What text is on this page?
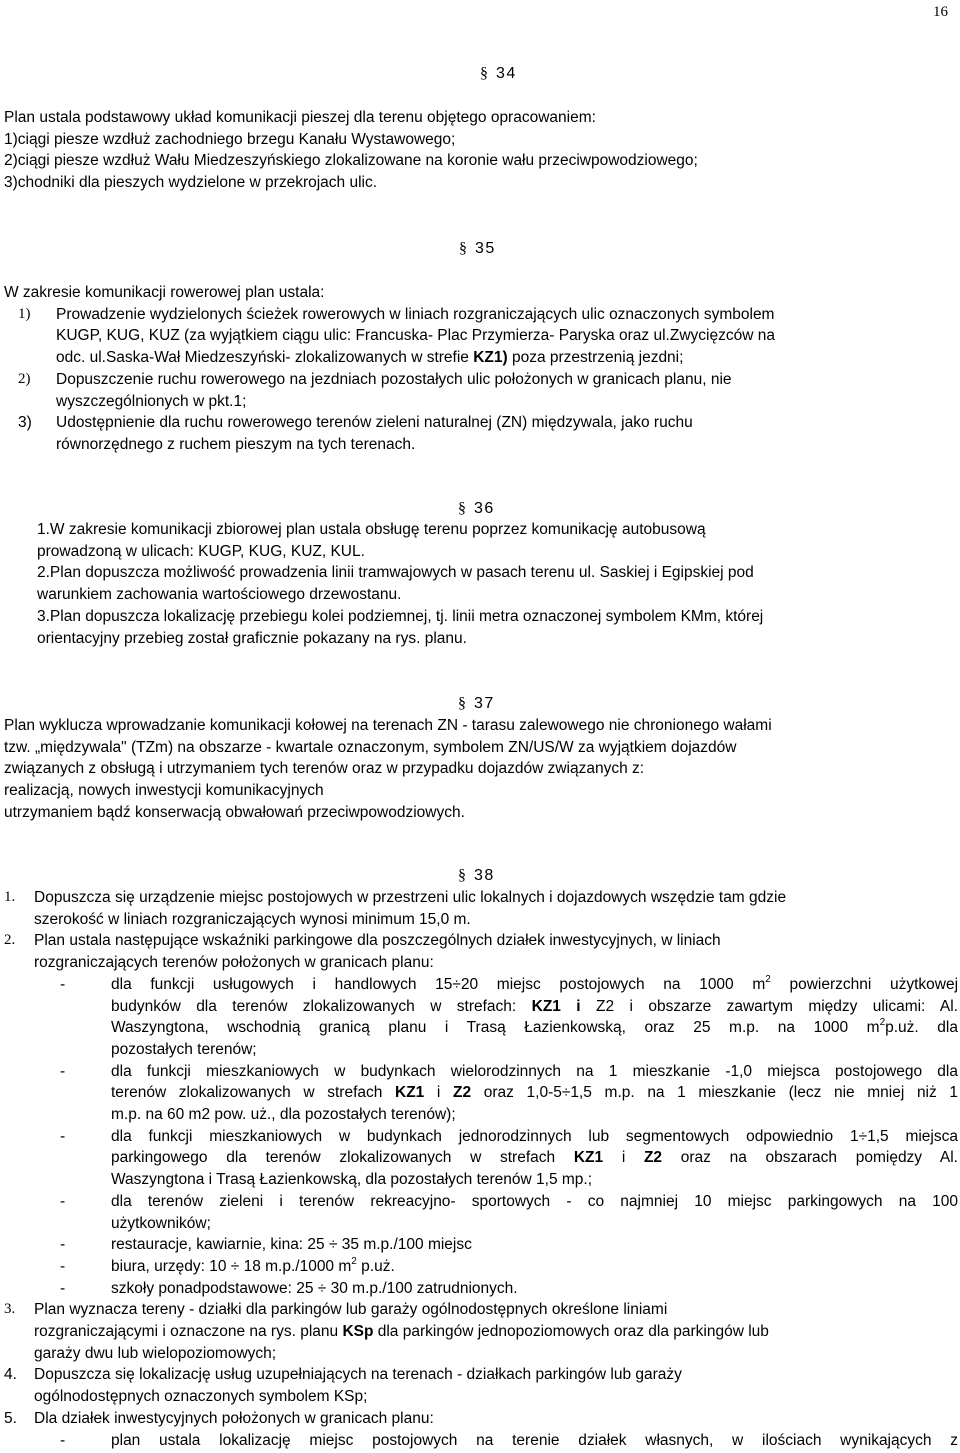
16
§ 34
Plan ustala podstawowy układ komunikacji pieszej dla terenu objętego opracowaniem:
1)ciągi piesze wzdłuż zachodniego brzegu Kanału Wystawowego;
2)ciągi piesze wzdłuż Wału Miedzeszyńskiego zlokalizowane na koronie wału przeciwpowodziowego;
3)chodniki dla pieszych wydzielone w przekrojach ulic.
§ 35
W zakresie komunikacji rowerowej plan ustala:
1) Prowadzenie wydzielonych ścieżek rowerowych w liniach rozgraniczających ulic oznaczonych symbolem
KUGP, KUG, KUZ (za wyjątkiem ciągu ulic: Francuska- Plac Przymierza- Paryska oraz ul.Zwycięzców na
odc. ul.Saska-Wał Miedzeszyński- zlokalizowanych w strefie KZ1) poza przestrzenią jezdni;
2) Dopuszczenie ruchu rowerowego na jezdniach pozostałych ulic położonych w granicach planu, nie
wyszczególnionych w pkt.1;
3) Udostępnienie dla ruchu rowerowego terenów zieleni naturalnej (ZN) międzywala, jako ruchu
równorzędnego z ruchem pieszym na tych terenach.
§ 36
1.W zakresie komunikacji zbiorowej plan ustala obsługę terenu poprzez komunikację autobusową
prowadzoną w ulicach: KUGP, KUG, KUZ, KUL.
2.Plan dopuszcza możliwość prowadzenia linii tramwajowych w pasach terenu ul. Saskiej i Egipskiej pod
warunkiem zachowania wartościowego drzewostanu.
3.Plan dopuszcza lokalizację przebiegu kolei podziemnej, tj. linii metra oznaczonej symbolem KMm, której
orientacyjny przebieg został graficznie pokazany na rys. planu.
§ 37
Plan wyklucza wprowadzanie komunikacji kołowej na terenach ZN - tarasu zalewowego nie chronionego wałami
tzw. „międzywala" (TZm) na obszarze - kwartale oznaczonym, symbolem ZN/US/W za wyjątkiem dojazdów
związanych z obsługą i utrzymaniem tych terenów oraz w przypadku dojazdów związanych z:
realizacją, nowych inwestycji komunikacyjnych
utrzymaniem bądź konserwacją obwałowań przeciwpowodziowych.
§ 38
1. Dopuszcza się urządzenie miejsc postojowych w przestrzeni ulic lokalnych i dojazdowych wszędzie tam gdzie
szerokość w liniach rozgraniczających wynosi minimum 15,0 m.
2. Plan ustala następujące wskaźniki parkingowe dla poszczególnych działek inwestycyjnych, w liniach
rozgraniczających terenów położonych w granicach planu:
-	dla funkcji usługowych i handlowych 15÷20 miejsc postojowych na 1000 $m^2$ powierzchni użytkowej
budynków dla terenów zlokalizowanych w strefach: KZ1 i Z2 i obszarze zawartym między ulicami: Al.
Waszyngtona, wschodnią granicą planu i Trasą Łazienkowską, oraz 25 m.p. na 1000 $m^2p.uż$. dla
pozostałych terenów;
-	dla funkcji mieszkaniowych w budynkach wielorodzinnych na 1 mieszkanie -1,0 miejsca postojowego dla
terenów zlokalizowanych w strefach KZ1 i Z2 oraz 1,0-5÷1,5 m.p. na 1 mieszkanie (lecz nie mniej niż 1
m.p. na 60 m2 pow. uż., dla pozostałych terenów);
-	dla funkcji mieszkaniowych w budynkach jednorodzinnych lub segmentowych odpowiednio 1÷1,5 miejsca
parkingowego dla terenów zlokalizowanych w strefach KZ1 i Z2 oraz na obszarach pomiędzy Al.
Waszyngtona i Trasą Łazienkowską, dla pozostałych terenów 1,5 mp.;
-	dla terenów zieleni i terenów rekreacyjno- sportowych - co najmniej 10 miejsc parkingowych na 100
użytkowników;
-	restauracje, kawiarnie, kina: 25 ÷ 35 m.p./100 miejsc
-	biura, urzędy: 10 ÷ 18 m.p./1000 $m^2$ p.uż.
-	szkoły ponadpodstawowe: 25 ÷ 30 m.p./100 zatrudnionych.
3. Plan wyznacza tereny - działki dla parkingów lub garaży ogólnodostępnych określone liniami
rozgraniczającymi i oznaczone na rys. planu KSp dla parkingów jednopoziomowych oraz dla parkingów lub
garaży dwu lub wielopoziomowych;
4. Dopuszcza się lokalizację usług uzupełniających na terenach - działkach parkingów lub garaży
ogólnodostępnych oznaczonych symbolem KSp;
5. Dla działek inwestycyjnych położonych w granicach planu:
-	plan ustala lokalizację miejsc postojowych na terenie działek własnych, w ilościach wynikających z
